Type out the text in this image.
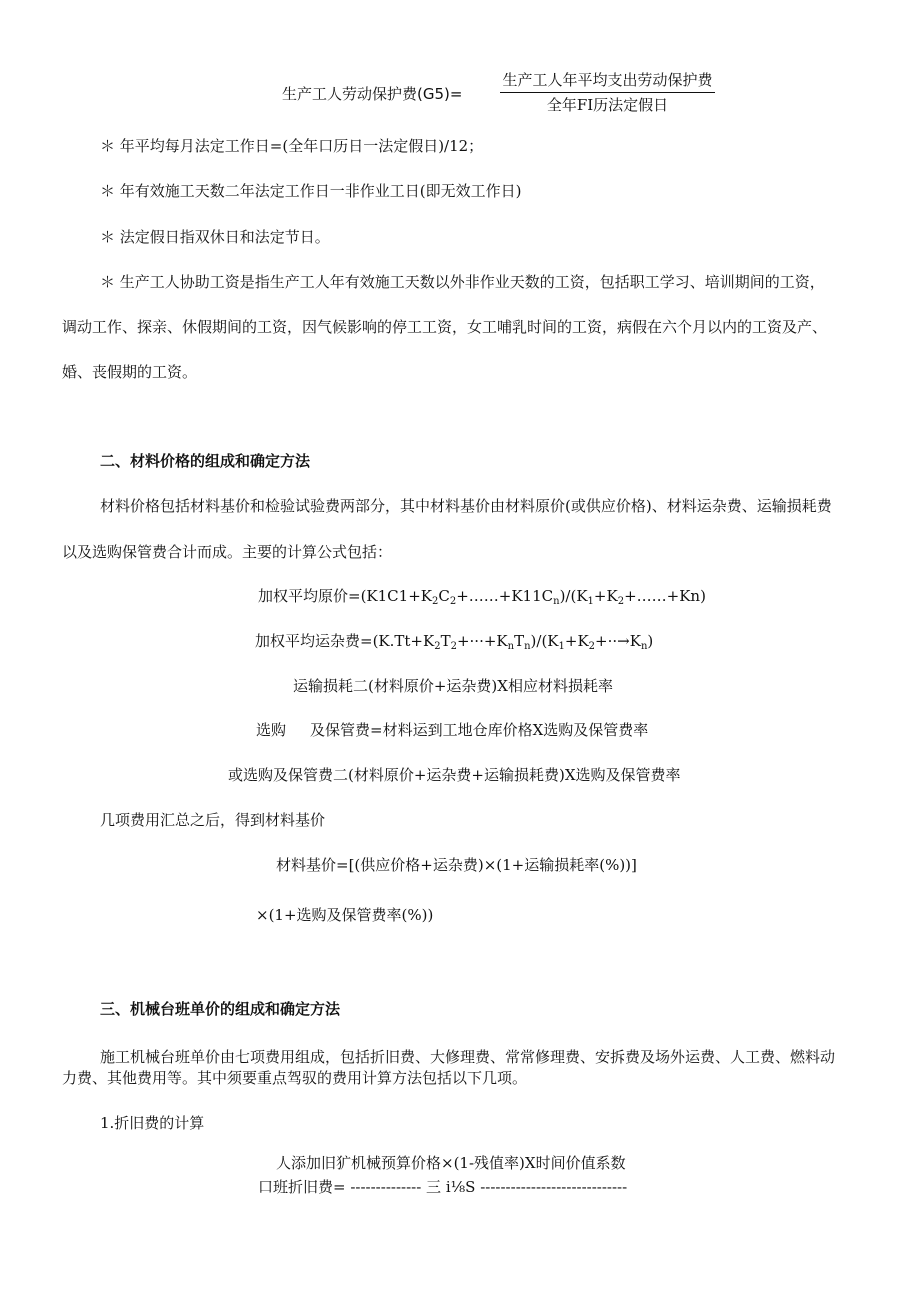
生产工人劳动保护费(G5)=
生产工人年平均支出劳动保护费
全年FI历法定假日
＊ 年平均每月法定工作日=(全年口历日一法定假日)/12；
＊ 年有效施工天数二年法定工作日一非作业工日(即无效工作日)
＊ 法定假日指双休日和法定节日。
＊ 生产工人协助工资是指生产工人年有效施工天数以外非作业天数的工资，包括职工学习、培训期间的工资，
调动工作、探亲、休假期间的工资，因气候影响的停工工资，女工哺乳时间的工资，病假在六个月以内的工资及产、
婚、丧假期的工资。
二、材料价格的组成和确定方法
材料价格包括材料基价和检验试验费两部分，其中材料基价由材料原价(或供应价格)、材料运杂费、运输损耗费
以及选购保管费合计而成。主要的计算公式包括：
加权平均原价$=(K1C1+K_2C_2+\dots\dots+K11C_n)/(K_1+K_2+\dots\dots+Kn)$
加权平均运杂费$=(K.Tt+K_2T_2+\cdot\cdot\cdot+K_nT_n)/(K_1+K_2+\cdot\cdot\to K_n)$
运输损耗二(材料原价+运杂费)X相应材料损耗率
选购 及保管费=材料运到工地仓库价格X选购及保管费率
或选购及保管费二(材料原价+运杂费+运输损耗费)X选购及保管费率
几项费用汇总之后，得到材料基价
材料基价=[(供应价格+运杂费)×(1+运输损耗率(%))]
×(1+选购及保管费率(%))
三、机械台班单价的组成和确定方法
施工机械台班单价由七项费用组成，包括折旧费、大修理费、常常修理费、安拆费及场外运费、人工费、燃料动
力费、其他费用等。其中须要重点驾驭的费用计算方法包括以下几项。
1.折旧费的计算
人添加旧犷机械预算价格×(1-残值率)X时间价值系数
口班折旧费= -------------- 三 i⅛S -----------------------------
